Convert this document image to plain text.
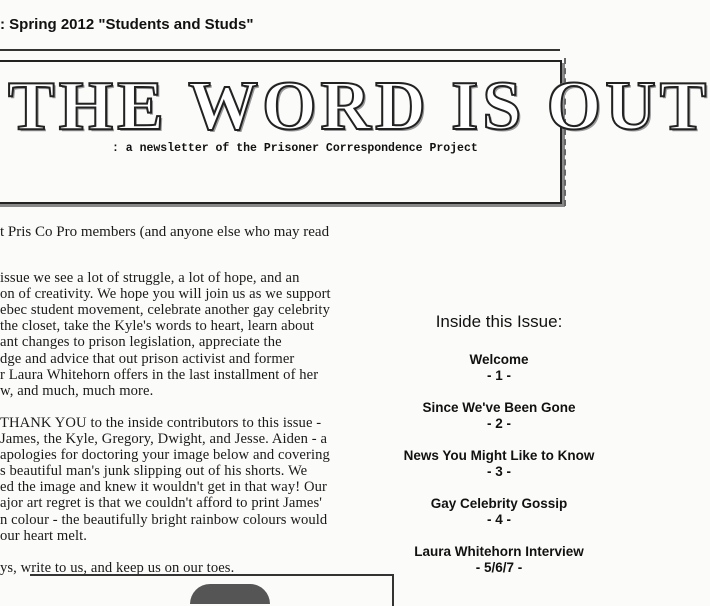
: Spring 2012 "Students and Studs"
THE WORD IS OUT
: a newsletter of the Prisoner Correspondence Project
t Pris Co Pro members (and anyone else who may read
issue we see a lot of struggle, a lot of hope, and an
on of creativity. We hope you will join us as we support
ebec student movement, celebrate another gay celebrity
the closet, take the Kyle's words to heart, learn about
ant changes to prison legislation, appreciate the
dge and advice that out prison activist and former
r Laura Whitehorn offers in the last installment of her
w, and much, much more.
THANK YOU to the inside contributors to this issue -
James, the Kyle, Gregory, Dwight, and Jesse. Aiden - a
apologies for doctoring your image below and covering
s beautiful man's junk slipping out of his shorts. We
ed the image and knew it wouldn't get in that way! Our
ajor art regret is that we couldn't afford to print James'
n colour - the beautifully bright rainbow colours would
our heart melt.
ys, write to us, and keep us on our toes.
Inside this Issue:
Welcome
- 1 -
Since We've Been Gone
- 2 -
News You Might Like to Know
- 3 -
Gay Celebrity Gossip
- 4 -
Laura Whitehorn Interview
- 5/6/7 -
